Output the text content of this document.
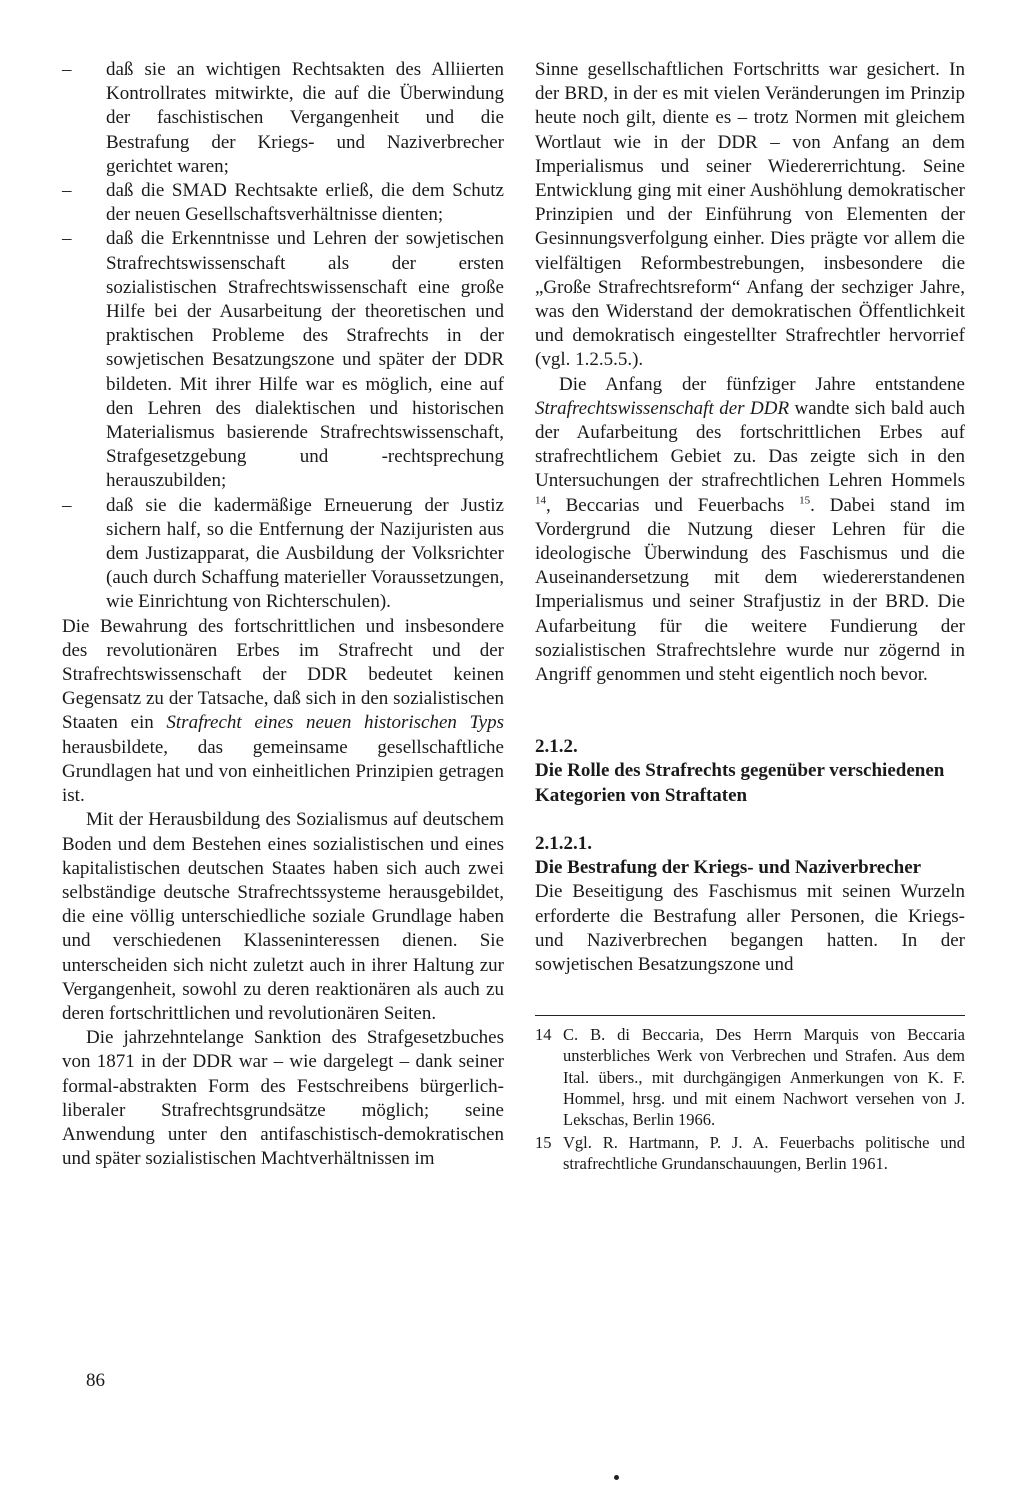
– daß sie an wichtigen Rechtsakten des Alliierten Kontrollrates mitwirkte, die auf die Überwindung der faschistischen Vergangenheit und die Bestrafung der Kriegs- und Naziverbrecher gerichtet waren;
– daß die SMAD Rechtsakte erließ, die dem Schutz der neuen Gesellschaftsverhältnisse dienten;
– daß die Erkenntnisse und Lehren der sowjetischen Strafrechtswissenschaft als der ersten sozialistischen Strafrechtswissenschaft eine große Hilfe bei der Ausarbeitung der theoretischen und praktischen Probleme des Strafrechts in der sowjetischen Besatzungszone und später der DDR bildeten. Mit ihrer Hilfe war es möglich, eine auf den Lehren des dialektischen und historischen Materialismus basierende Strafrechtswissenschaft, Strafgesetzgebung und -rechtsprechung herauszubilden;
– daß sie die kadermäßige Erneuerung der Justiz sichern half, so die Entfernung der Nazijuristen aus dem Justizapparat, die Ausbildung der Volksrichter (auch durch Schaffung materieller Voraussetzungen, wie Einrichtung von Richterschulen).

Die Bewahrung des fortschrittlichen und insbesondere des revolutionären Erbes im Strafrecht und der Strafrechtswissenschaft der DDR bedeutet keinen Gegensatz zu der Tatsache, daß sich in den sozialistischen Staaten ein Strafrecht eines neuen historischen Typs herausbildete, das gemeinsame gesellschaftliche Grundlagen hat und von einheitlichen Prinzipien getragen ist.

Mit der Herausbildung des Sozialismus auf deutschem Boden und dem Bestehen eines sozialistischen und eines kapitalistischen deutschen Staates haben sich auch zwei selbständige deutsche Strafrechtssysteme herausgebildet, die eine völlig unterschiedliche soziale Grundlage haben und verschiedenen Klasseninteressen dienen. Sie unterscheiden sich nicht zuletzt auch in ihrer Haltung zur Vergangenheit, sowohl zu deren reaktionären als auch zu deren fortschrittlichen und revolutionären Seiten.

Die jahrzehntelange Sanktion des Strafgesetzbuches von 1871 in der DDR war – wie dargelegt – dank seiner formal-abstrakten Form des Festschreibens bürgerlich-liberaler Strafrechtsgrundsätze möglich; seine Anwendung unter den antifaschistisch-demokratischen und später sozialistischen Machtverhältnissen im

Sinne gesellschaftlichen Fortschritts war gesichert. In der BRD, in der es mit vielen Veränderungen im Prinzip heute noch gilt, diente es – trotz Normen mit gleichem Wortlaut wie in der DDR – von Anfang an dem Imperialismus und seiner Wiedererrichtung. Seine Entwicklung ging mit einer Aushöhlung demokratischer Prinzipien und der Einführung von Elementen der Gesinnungsverfolgung einher. Dies prägte vor allem die vielfältigen Reformbestrebungen, insbesondere die „Große Strafrechtsreform“ Anfang der sechziger Jahre, was den Widerstand der demokratischen Öffentlichkeit und demokratisch eingestellter Strafrechtler hervorrief (vgl. 1.2.5.5.).

Die Anfang der fünfziger Jahre entstandene Strafrechtswissenschaft der DDR wandte sich bald auch der Aufarbeitung des fortschrittlichen Erbes auf strafrechtlichem Gebiet zu. Das zeigte sich in den Untersuchungen der strafrechtlichen Lehren Hommels $^{14}$, Beccarias und Feuerbachs $^{15}$. Dabei stand im Vordergrund die Nutzung dieser Lehren für die ideologische Überwindung des Faschismus und die Auseinandersetzung mit dem wiedererstandenen Imperialismus und seiner Strafjustiz in der BRD. Die Aufarbeitung für die weitere Fundierung der sozialistischen Strafrechtslehre wurde nur zögernd in Angriff genommen und steht eigentlich noch bevor.

2.1.2.
Die Rolle des Strafrechts gegenüber verschiedenen Kategorien von Straftaten
2.1.2.1.
Die Bestrafung der Kriegs- und Naziverbrecher

Die Beseitigung des Faschismus mit seinen Wurzeln erforderte die Bestrafung aller Personen, die Kriegs- und Naziverbrechen begangen hatten. In der sowjetischen Besatzungszone und

14 C. B. di Beccaria, Des Herrn Marquis von Beccaria unsterbliches Werk von Verbrechen und Strafen. Aus dem Ital. übers., mit durchgängigen Anmerkungen von K. F. Hommel, hrsg. und mit einem Nachwort versehen von J. Lekschas, Berlin 1966.
15 Vgl. R. Hartmann, P. J. A. Feuerbachs politische und strafrechtliche Grundanschauungen, Berlin 1961.
86
